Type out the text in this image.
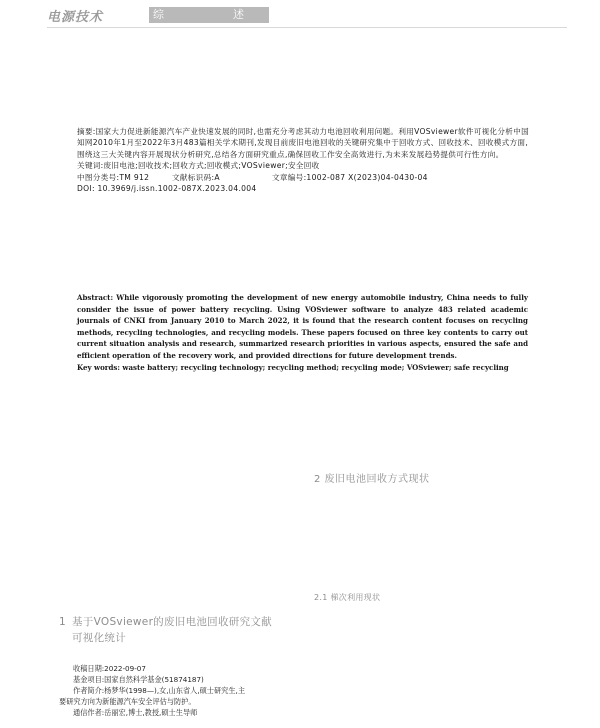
电源技术	综	述

摘要:国家大力促进新能源汽车产业快速发展的同时,也需充分考虑其动力电池回收利用问题。利用VOSviewer软件可视化分析中国知网2010年1月至2022年3月483篇相关学术期刊,发现目前废旧电池回收的关键研究集中于回收方式、回收技术、回收模式方面,围绕这三大关键内容开展现状分析研究,总结各方面研究重点,确保回收工作安全高效进行,为未来发展趋势提供可行性方向。

关键词:废旧电池;回收技术;回收方式;回收模式;VOSviewer;安全回收

中图分类号:TM 912	文献标识码:A	文章编号:1002-087 X(2023)04-0430-04

DOI: 10.3969/j.issn.1002-087X.2023.04.004

Abstract: While vigorously promoting the development of new energy automobile industry, China needs to fully consider the issue of power battery recycling. Using VOSviewer software to analyze 483 related academic journals of CNKI from January 2010 to March 2022, it is found that the research content focuses on recycling methods, recycling technologies, and recycling models. These papers focused on three key contents to carry out current situation analysis and research, summarized research priorities in various aspects, ensured the safe and efficient operation of the recovery work, and provided directions for future development trends.

Key words: waste battery; recycling technology; recycling method; recycling mode; VOSviewer; safe recycling

2 废旧电池回收方式现状
2.1 梯次利用现状
1 基于VOSviewer的废旧电池回收研究文献
可视化统计

收稿日期:2022-09-07

基金项目:国家自然科学基金(51874187)

作者简介:杨梦华(1998—),女,山东省人,硕士研究生,主

要研究方向为新能源汽车安全评估与防护。

通信作者:岳丽宏,博士,教授,硕士生导师
